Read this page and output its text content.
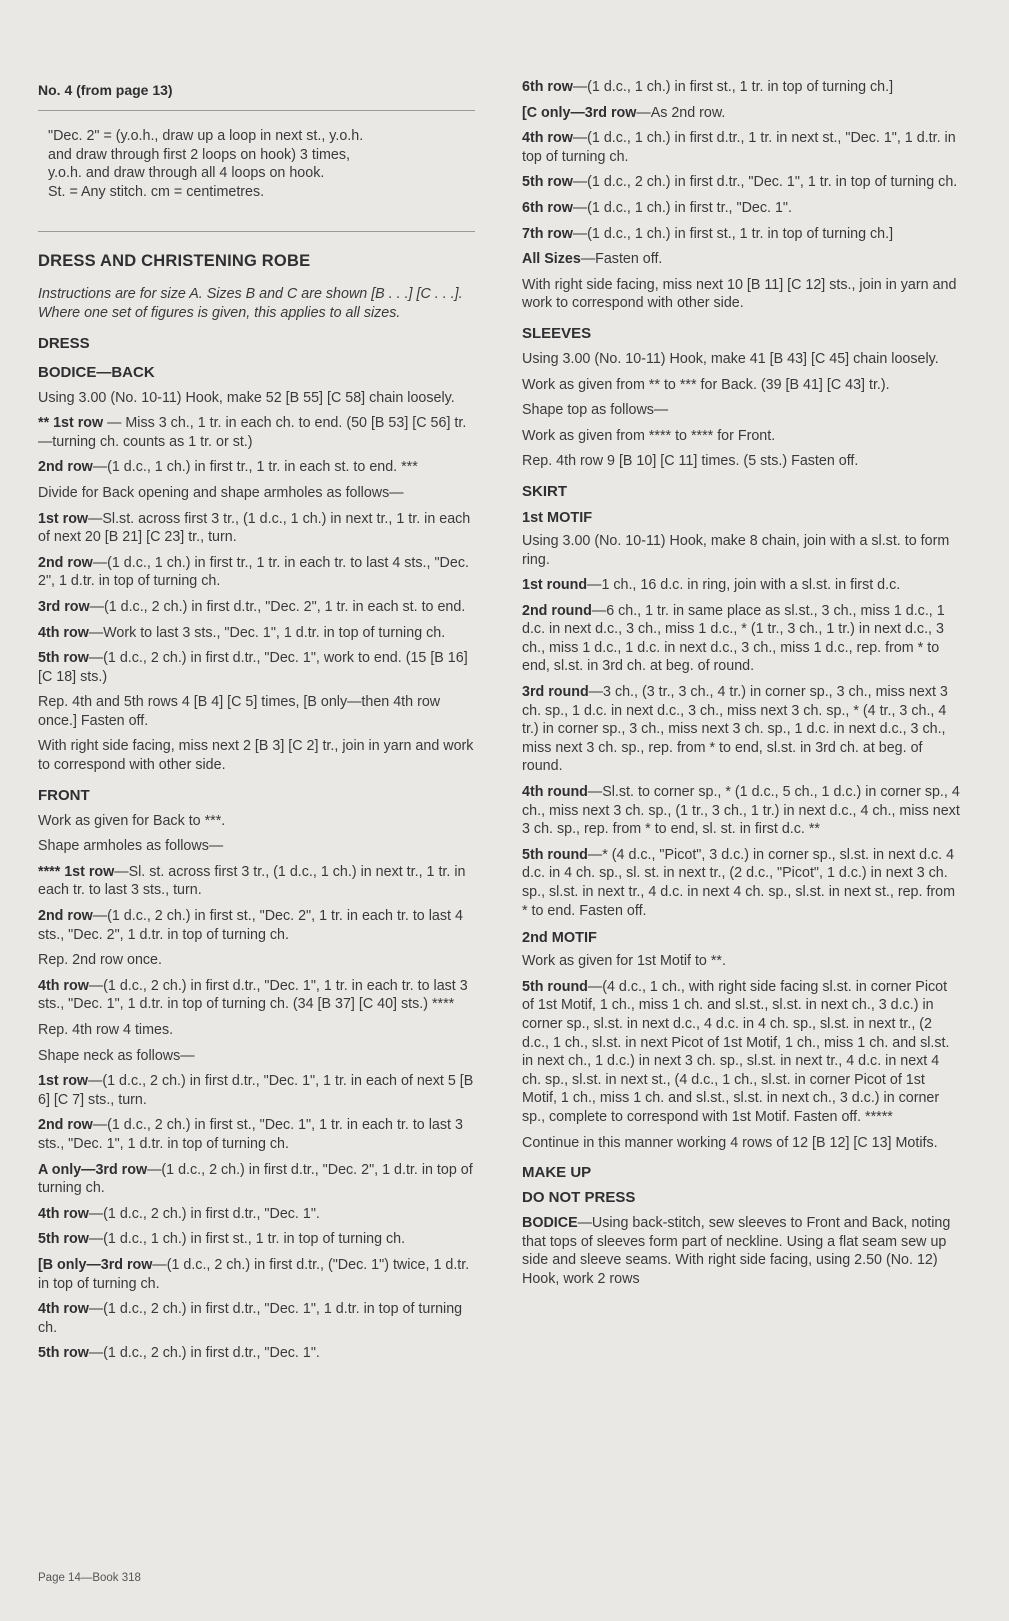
No. 4 (from page 13)

"Dec. 2" = (y.o.h., draw up a loop in next st., y.o.h.

and draw through first 2 loops on hook) 3 times,

y.o.h. and draw through all 4 loops on hook.

St. = Any stitch. cm = centimetres.

DRESS AND CHRISTENING ROBE

Instructions are for size A. Sizes B and C are shown [B . . .] [C . . .]. Where one set of figures is given, this applies to all sizes.

DRESS
BODICE—BACK

Using 3.00 (No. 10-11) Hook, make 52 [B 55] [C 58] chain loosely.

** 1st row — Miss 3 ch., 1 tr. in each ch. to end. (50 [B 53] [C 56] tr.—turning ch. counts as 1 tr. or st.)

2nd row—(1 d.c., 1 ch.) in first tr., 1 tr. in each st. to end. ***

Divide for Back opening and shape armholes as follows—

1st row—Sl.st. across first 3 tr., (1 d.c., 1 ch.) in next tr., 1 tr. in each of next 20 [B 21] [C 23] tr., turn.

2nd row—(1 d.c., 1 ch.) in first tr., 1 tr. in each tr. to last 4 sts., "Dec. 2", 1 d.tr. in top of turning ch.

3rd row—(1 d.c., 2 ch.) in first d.tr., "Dec. 2", 1 tr. in each st. to end.

4th row—Work to last 3 sts., "Dec. 1", 1 d.tr. in top of turning ch.

5th row—(1 d.c., 2 ch.) in first d.tr., "Dec. 1", work to end. (15 [B 16] [C 18] sts.)

Rep. 4th and 5th rows 4 [B 4] [C 5] times, [B only—then 4th row once.] Fasten off.

With right side facing, miss next 2 [B 3] [C 2] tr., join in yarn and work to correspond with other side.

FRONT

Work as given for Back to ***.

Shape armholes as follows—

**** 1st row—Sl. st. across first 3 tr., (1 d.c., 1 ch.) in next tr., 1 tr. in each tr. to last 3 sts., turn.

2nd row—(1 d.c., 2 ch.) in first st., "Dec. 2", 1 tr. in each tr. to last 4 sts., "Dec. 2", 1 d.tr. in top of turning ch.

Rep. 2nd row once.

4th row—(1 d.c., 2 ch.) in first d.tr., "Dec. 1", 1 tr. in each tr. to last 3 sts., "Dec. 1", 1 d.tr. in top of turning ch. (34 [B 37] [C 40] sts.) ****

Rep. 4th row 4 times.

Shape neck as follows—

1st row—(1 d.c., 2 ch.) in first d.tr., "Dec. 1", 1 tr. in each of next 5 [B 6] [C 7] sts., turn.

2nd row—(1 d.c., 2 ch.) in first st., "Dec. 1", 1 tr. in each tr. to last 3 sts., "Dec. 1", 1 d.tr. in top of turning ch.

A only—3rd row—(1 d.c., 2 ch.) in first d.tr., "Dec. 2", 1 d.tr. in top of turning ch.

4th row—(1 d.c., 2 ch.) in first d.tr., "Dec. 1".

5th row—(1 d.c., 1 ch.) in first st., 1 tr. in top of turning ch.

[B only—3rd row—(1 d.c., 2 ch.) in first d.tr., ("Dec. 1") twice, 1 d.tr. in top of turning ch.

4th row—(1 d.c., 2 ch.) in first d.tr., "Dec. 1", 1 d.tr. in top of turning ch.

5th row—(1 d.c., 2 ch.) in first d.tr., "Dec. 1".

6th row—(1 d.c., 1 ch.) in first st., 1 tr. in top of turning ch.]

[C only—3rd row—As 2nd row.

4th row—(1 d.c., 1 ch.) in first d.tr., 1 tr. in next st., "Dec. 1", 1 d.tr. in top of turning ch.

5th row—(1 d.c., 2 ch.) in first d.tr., "Dec. 1", 1 tr. in top of turning ch.

6th row—(1 d.c., 1 ch.) in first tr., "Dec. 1".

7th row—(1 d.c., 1 ch.) in first st., 1 tr. in top of turning ch.]

All Sizes—Fasten off.

With right side facing, miss next 10 [B 11] [C 12] sts., join in yarn and work to correspond with other side.

SLEEVES

Using 3.00 (No. 10-11) Hook, make 41 [B 43] [C 45] chain loosely.

Work as given from ** to *** for Back. (39 [B 41] [C 43] tr.).

Shape top as follows—

Work as given from **** to **** for Front.

Rep. 4th row 9 [B 10] [C 11] times. (5 sts.) Fasten off.

SKIRT
1st MOTIF

Using 3.00 (No. 10-11) Hook, make 8 chain, join with a sl.st. to form ring.

1st round—1 ch., 16 d.c. in ring, join with a sl.st. in first d.c.

2nd round—6 ch., 1 tr. in same place as sl.st., 3 ch., miss 1 d.c., 1 d.c. in next d.c., 3 ch., miss 1 d.c., * (1 tr., 3 ch., 1 tr.) in next d.c., 3 ch., miss 1 d.c., 1 d.c. in next d.c., 3 ch., miss 1 d.c., rep. from * to end, sl.st. in 3rd ch. at beg. of round.

3rd round—3 ch., (3 tr., 3 ch., 4 tr.) in corner sp., 3 ch., miss next 3 ch. sp., 1 d.c. in next d.c., 3 ch., miss next 3 ch. sp., * (4 tr., 3 ch., 4 tr.) in corner sp., 3 ch., miss next 3 ch. sp., 1 d.c. in next d.c., 3 ch., miss next 3 ch. sp., rep. from * to end, sl.st. in 3rd ch. at beg. of round.

4th round—Sl.st. to corner sp., * (1 d.c., 5 ch., 1 d.c.) in corner sp., 4 ch., miss next 3 ch. sp., (1 tr., 3 ch., 1 tr.) in next d.c., 4 ch., miss next 3 ch. sp., rep. from * to end, sl. st. in first d.c. **

5th round—* (4 d.c., "Picot", 3 d.c.) in corner sp., sl.st. in next d.c. 4 d.c. in 4 ch. sp., sl. st. in next tr., (2 d.c., "Picot", 1 d.c.) in next 3 ch. sp., sl.st. in next tr., 4 d.c. in next 4 ch. sp., sl.st. in next st., rep. from * to end. Fasten off.

2nd MOTIF

Work as given for 1st Motif to **.

5th round—(4 d.c., 1 ch., with right side facing sl.st. in corner Picot of 1st Motif, 1 ch., miss 1 ch. and sl.st., sl.st. in next ch., 3 d.c.) in corner sp., sl.st. in next d.c., 4 d.c. in 4 ch. sp., sl.st. in next tr., (2 d.c., 1 ch., sl.st. in next Picot of 1st Motif, 1 ch., miss 1 ch. and sl.st. in next ch., 1 d.c.) in next 3 ch. sp., sl.st. in next tr., 4 d.c. in next 4 ch. sp., sl.st. in next st., (4 d.c., 1 ch., sl.st. in corner Picot of 1st Motif, 1 ch., miss 1 ch. and sl.st., sl.st. in next ch., 3 d.c.) in corner sp., complete to correspond with 1st Motif. Fasten off. *****

Continue in this manner working 4 rows of 12 [B 12] [C 13] Motifs.

MAKE UP
DO NOT PRESS

BODICE—Using back-stitch, sew sleeves to Front and Back, noting that tops of sleeves form part of neckline. Using a flat seam sew up side and sleeve seams. With right side facing, using 2.50 (No. 12) Hook, work 2 rows

Page 14—Book 318
